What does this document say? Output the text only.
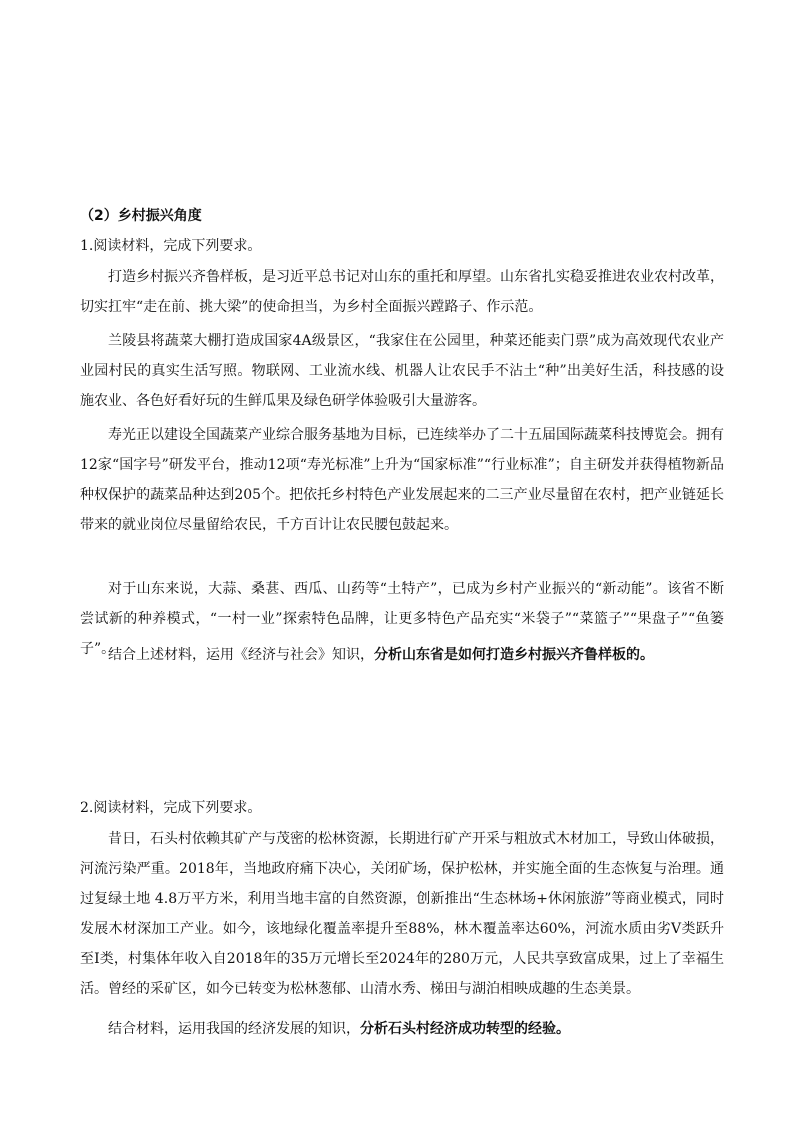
（2）乡村振兴角度
1.阅读材料，完成下列要求。

打造乡村振兴齐鲁样板，是习近平总书记对山东的重托和厚望。山东省扎实稳妥推进农业农村改革，切实扛牢“走在前、挑大梁”的使命担当，为乡村全面振兴蹚路子、作示范。

兰陵县将蔬菜大棚打造成国家4A级景区，“我家住在公园里，种菜还能卖门票”成为高效现代农业产业园村民的真实生活写照。物联网、工业流水线、机器人让农民手不沾土“种”出美好生活，科技感的设施农业、各色好看好玩的生鲜瓜果及绿色研学体验吸引大量游客。

寿光正以建设全国蔬菜产业综合服务基地为目标，已连续举办了二十五届国际蔬菜科技博览会。拥有12家“国字号”研发平台，推动12项“寿光标准”上升为“国家标准”“行业标准”；自主研发并获得植物新品种权保护的蔬菜品种达到205个。把依托乡村特色产业发展起来的二三产业尽量留在农村，把产业链延长带来的就业岗位尽量留给农民，千方百计让农民腰包鼓起来。

对于山东来说，大蒜、桑葚、西瓜、山药等“土特产”，已成为乡村产业振兴的“新动能”。该省不断尝试新的种养模式，“一村一业”探索特色品牌，让更多特色产品充实“米袋子”“菜篮子”“果盘子”“鱼篓子”。

结合上述材料，运用《经济与社会》知识，分析山东省是如何打造乡村振兴齐鲁样板的。

2.阅读材料，完成下列要求。

昔日，石头村依赖其矿产与茂密的松林资源，长期进行矿产开采与粗放式木材加工，导致山体破损，河流污染严重。2018年，当地政府痛下决心，关闭矿场，保护松林，并实施全面的生态恢复与治理。通过复绿土地 4.8万平方米，利用当地丰富的自然资源，创新推出“生态林场+休闲旅游”等商业模式，同时发展木材深加工产业。如今，该地绿化覆盖率提升至88%，林木覆盖率达60%，河流水质由劣Ⅴ类跃升至Ⅰ类，村集体年收入自2018年的35万元增长至2024年的280万元，人民共享致富成果，过上了幸福生活。曾经的采矿区，如今已转变为松林葱郁、山清水秀、梯田与湖泊相映成趣的生态美景。

结合材料，运用我国的经济发展的知识，分析石头村经济成功转型的经验。
